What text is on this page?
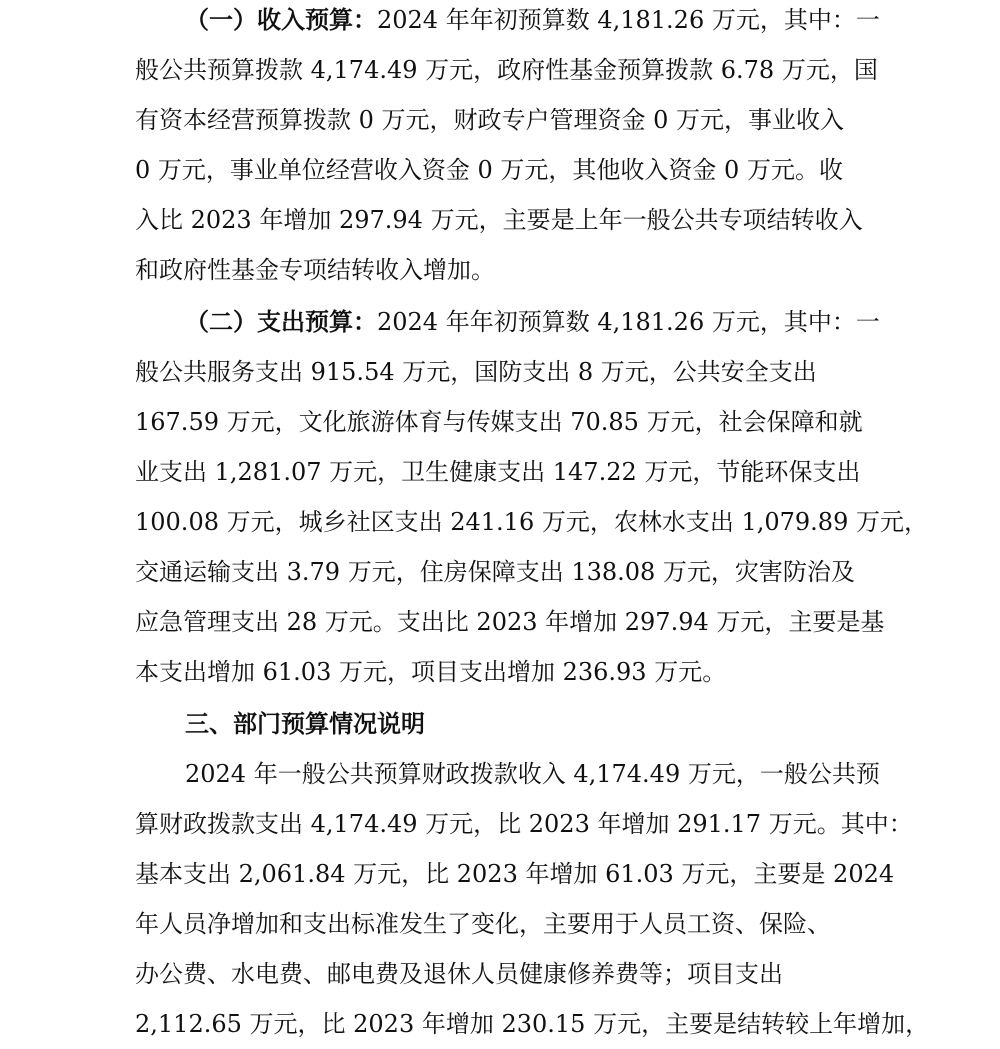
（一）收入预算：2024 年年初预算数 4,181.26 万元，其中：一
般公共预算拨款 4,174.49 万元，政府性基金预算拨款 6.78 万元，国
有资本经营预算拨款 0 万元，财政专户管理资金 0 万元，事业收入
0 万元，事业单位经营收入资金 0 万元，其他收入资金 0 万元。收
入比 2023 年增加 297.94 万元，主要是上年一般公共专项结转收入
和政府性基金专项结转收入增加。
（二）支出预算：2024 年年初预算数 4,181.26 万元，其中：一
般公共服务支出 915.54 万元，国防支出 8 万元，公共安全支出
167.59 万元，文化旅游体育与传媒支出 70.85 万元，社会保障和就
业支出 1,281.07 万元，卫生健康支出 147.22 万元，节能环保支出
100.08 万元，城乡社区支出 241.16 万元，农林水支出 1,079.89 万元，
交通运输支出 3.79 万元，住房保障支出 138.08 万元，灾害防治及
应急管理支出 28 万元。支出比 2023 年增加 297.94 万元，主要是基
本支出增加 61.03 万元，项目支出增加 236.93 万元。
三、部门预算情况说明
2024 年一般公共预算财政拨款收入 4,174.49 万元，一般公共预
算财政拨款支出 4,174.49 万元，比 2023 年增加 291.17 万元。其中：
基本支出 2,061.84 万元，比 2023 年增加 61.03 万元，主要是 2024
年人员净增加和支出标准发生了变化，主要用于人员工资、保险、
办公费、水电费、邮电费及退休人员健康修养费等；项目支出
2,112.65 万元，比 2023 年增加 230.15 万元，主要是结转较上年增加，
